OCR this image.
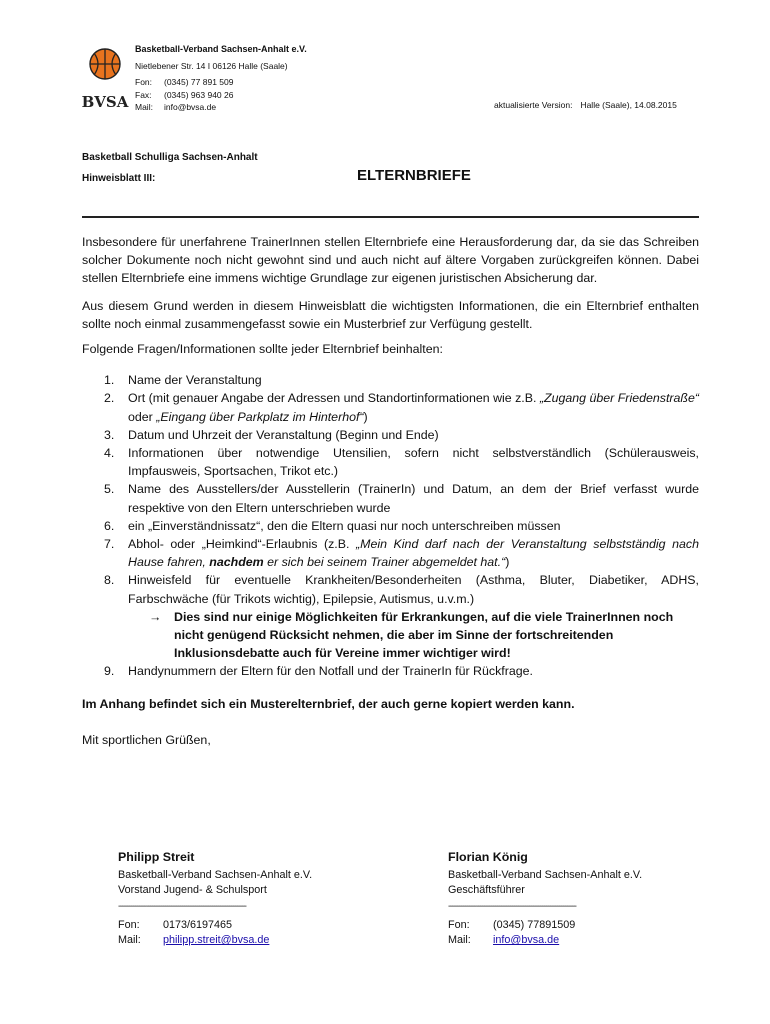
BVSA
Basketball-Verband Sachsen-Anhalt e.V.
Nietlebener Str. 14 I 06126 Halle (Saale)
Fon: (0345) 77 891 509
Fax: (0345) 963 940 26
Mail: info@bvsa.de	aktualisierte Version: Halle (Saale), 14.08.2015
Basketball Schulliga Sachsen-Anhalt
Hinweisblatt III:	ELTERNBRIEFE

Insbesondere für unerfahrene TrainerInnen stellen Elternbriefe eine Herausforderung dar, da sie das Schreiben solcher Dokumente noch nicht gewohnt sind und auch nicht auf ältere Vorgaben zurückgreifen können. Dabei stellen Elternbriefe eine immens wichtige Grundlage zur eigenen juristischen Absicherung dar.

Aus diesem Grund werden in diesem Hinweisblatt die wichtigsten Informationen, die ein Elternbrief enthalten sollte noch einmal zusammengefasst sowie ein Musterbrief zur Verfügung gestellt.

Folgende Fragen/Informationen sollte jeder Elternbrief beinhalten:

1. Name der Veranstaltung
2. Ort (mit genauer Angabe der Adressen und Standortinformationen wie z.B. „Zugang über Friedenstraße“ oder „Eingang über Parkplatz im Hinterhof“)
3. Datum und Uhrzeit der Veranstaltung (Beginn und Ende)
4. Informationen über notwendige Utensilien, sofern nicht selbstverständlich (Schülerausweis, Impfausweis, Sportsachen, Trikot etc.)
5. Name des Ausstellers/der Ausstellerin (TrainerIn) und Datum, an dem der Brief verfasst wurde respektive von den Eltern unterschrieben wurde
6. ein „Einverständnissatz“, den die Eltern quasi nur noch unterschreiben müssen
7. Abhol- oder „Heimkind“-Erlaubnis (z.B. „Mein Kind darf nach der Veranstaltung selbstständig nach Hause fahren, nachdem er sich bei seinem Trainer abgemeldet hat.“)
8. Hinweisfeld für eventuelle Krankheiten/Besonderheiten (Asthma, Bluter, Diabetiker, ADHS, Farbschwäche (für Trikots wichtig), Epilepsie, Autismus, u.v.m.)
→ Dies sind nur einige Möglichkeiten für Erkrankungen, auf die viele TrainerInnen noch nicht genügend Rücksicht nehmen, die aber im Sinne der fortschreitenden Inklusionsdebatte auch für Vereine immer wichtiger wird!
9. Handynummern der Eltern für den Notfall und der TrainerIn für Rückfrage.

Im Anhang befindet sich ein Musterelternbrief, der auch gerne kopiert werden kann.

Mit sportlichen Grüßen,

Philipp Streit
Basketball-Verband Sachsen-Anhalt e.V.
Vorstand Jugend- & Schulsport
------------------------------------------------------------
Fon: 0173/6197465
Mail: philipp.streit@bvsa.de
Florian König
Basketball-Verband Sachsen-Anhalt e.V.
Geschäftsführer
------------------------------------------------------------
Fon: (0345) 77891509
Mail: info@bvsa.de
